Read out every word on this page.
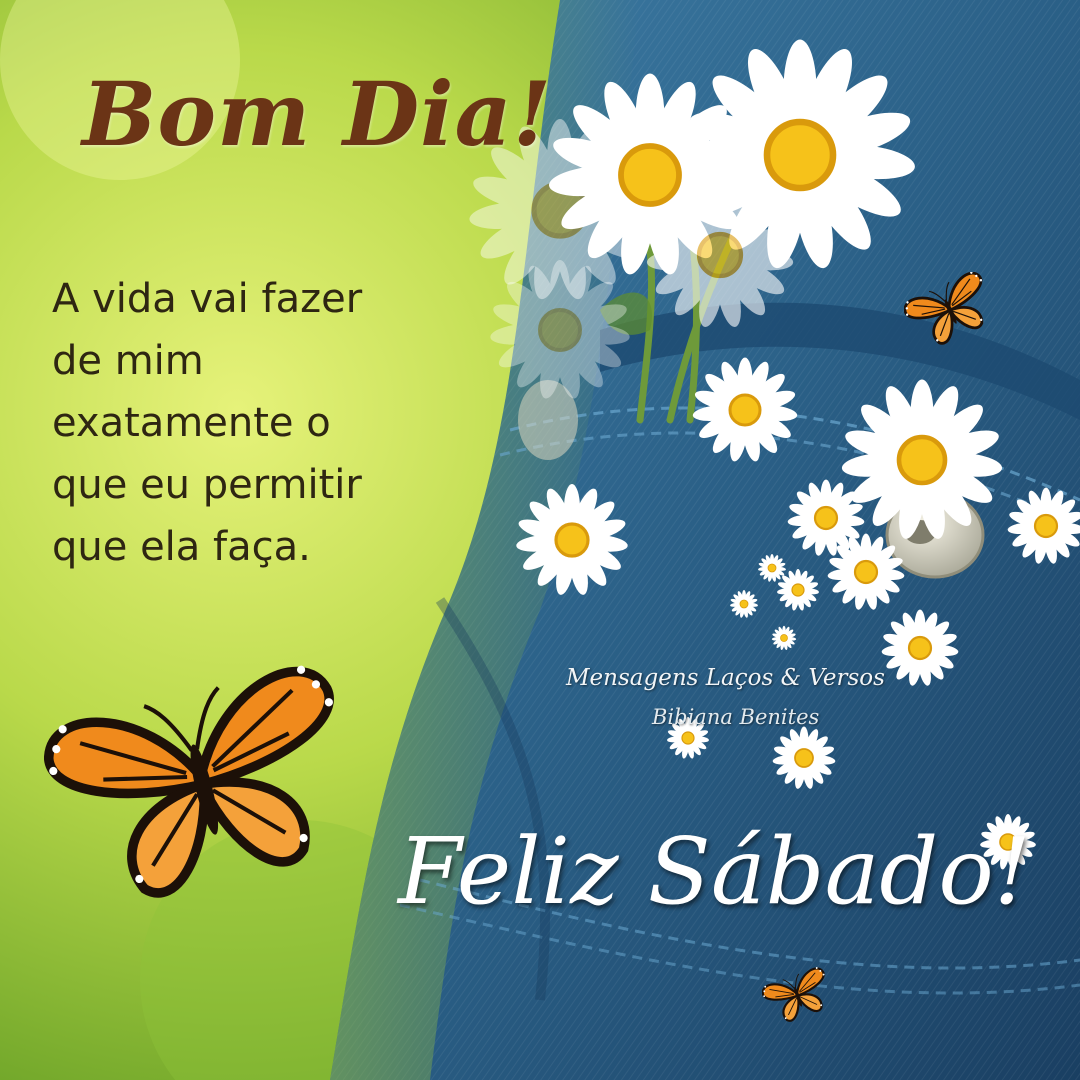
Bom Dia!
A vida vai fazer
de mim
exatamente o
que eu permitir
que ela faça.
Mensagens Laços & Versos
Bibiana Benites
Feliz Sábado!
